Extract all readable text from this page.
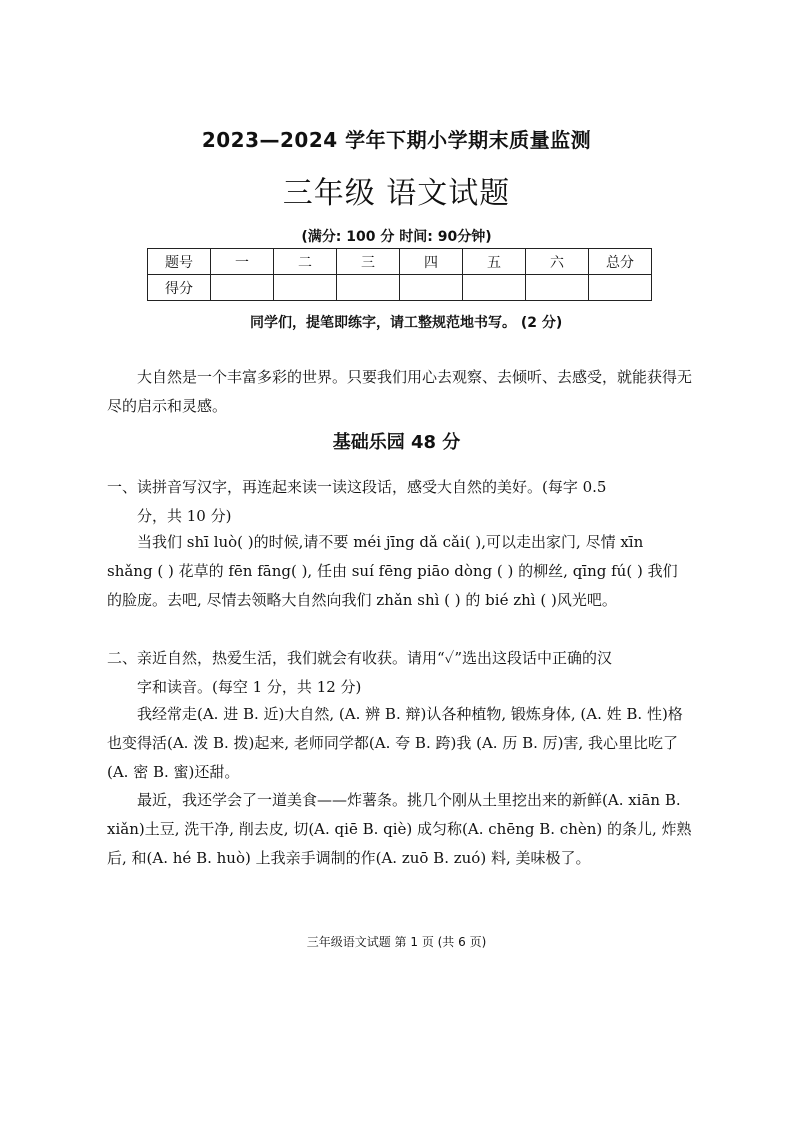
2023—2024 学年下期小学期末质量监测
三年级 语文试题
(满分: 100 分 时间: 90分钟)
题号	一	二	三	四	五	六	总分
得分							
同学们，提笔即练字，请工整规范地书写。 (2 分)
大自然是一个丰富多彩的世界。只要我们用心去观察、去倾听、去感受，就能获得无尽的启示和灵感。
基础乐园 48 分
一、读拼音写汉字，再连起来读一读这段话，感受大自然的美好。(每字 0.5
分，共 10 分)
当我们 shī luò( )的时候,请不要 méi jīng dǎ cǎi( ),可以走出家门, 尽情 xīn shǎng ( ) 花草的 fēn fāng( ), 任由 suí fēng piāo dòng ( ) 的柳丝, qīng fú( ) 我们的脸庞。去吧, 尽情去领略大自然向我们 zhǎn shì ( ) 的 bié zhì ( )风光吧。
二、亲近自然，热爱生活，我们就会有收获。请用“✓”选出这段话中正确的汉
字和读音。(每空 1 分，共 12 分)
我经常走(A. 进 B. 近)大自然, (A. 辨 B. 辩)认各种植物, 锻炼身体, (A. 姓 B. 性)格也变得活(A. 泼 B. 拨)起来, 老师同学都(A. 夸 B. 跨)我 (A. 历 B. 厉)害, 我心里比吃了 (A. 密 B. 蜜)还甜。
最近，我还学会了一道美食——炸薯条。挑几个刚从土里挖出来的新鲜(A. xiān B. xiǎn)土豆, 洗干净, 削去皮, 切(A. qiē B. qiè) 成匀称(A. chēng B. chèn) 的条儿, 炸熟后, 和(A. hé B. huò) 上我亲手调制的作(A. zuō B. zuó) 料, 美味极了。
三年级语文试题 第 1 页 (共 6 页)
